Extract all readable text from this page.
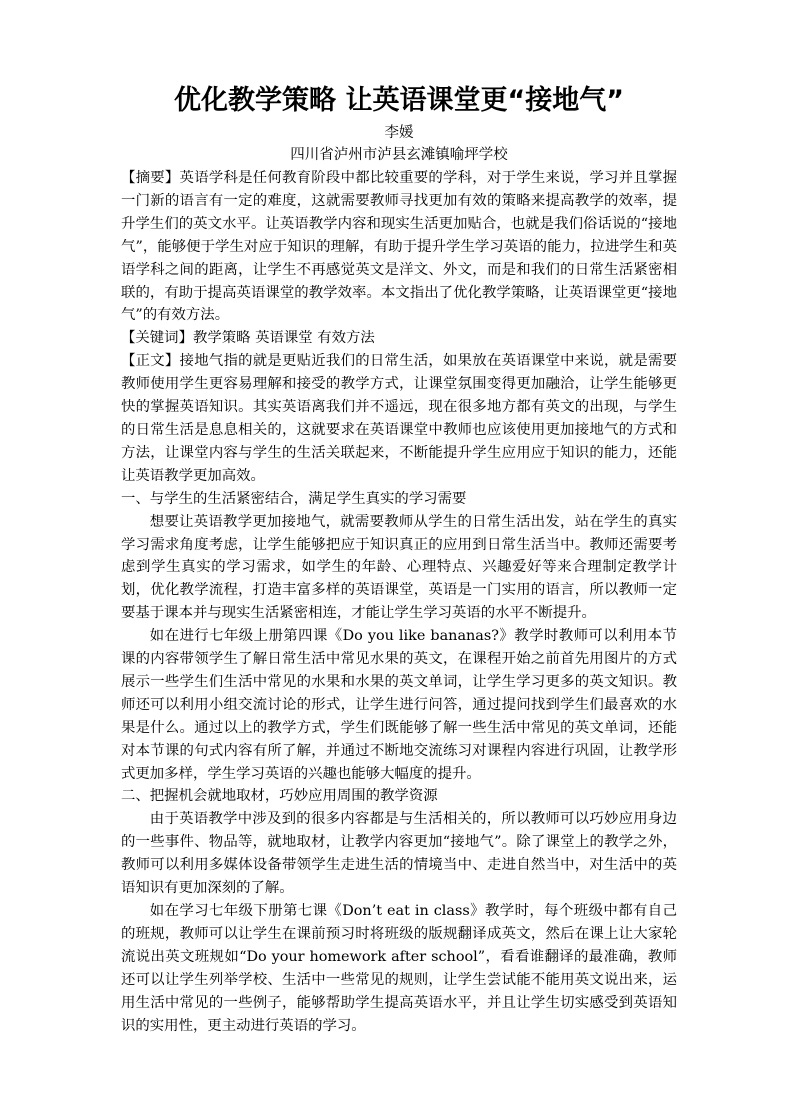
优化教学策略 让英语课堂更“接地气”

李媛

四川省泸州市泸县玄滩镇喻坪学校

【摘要】英语学科是任何教育阶段中都比较重要的学科，对于学生来说，学习并且掌握一门新的语言有一定的难度，这就需要教师寻找更加有效的策略来提高教学的效率，提升学生们的英文水平。让英语教学内容和现实生活更加贴合，也就是我们俗话说的“接地气”，能够便于学生对应于知识的理解，有助于提升学生学习英语的能力，拉进学生和英语学科之间的距离，让学生不再感觉英文是洋文、外文，而是和我们的日常生活紧密相联的，有助于提高英语课堂的教学效率。本文指出了优化教学策略，让英语课堂更“接地气”的有效方法。

【关键词】教学策略 英语课堂 有效方法

【正文】接地气指的就是更贴近我们的日常生活，如果放在英语课堂中来说，就是需要教师使用学生更容易理解和接受的教学方式，让课堂氛围变得更加融洽，让学生能够更快的掌握英语知识。其实英语离我们并不遥远，现在很多地方都有英文的出现，与学生的日常生活是息息相关的，这就要求在英语课堂中教师也应该使用更加接地气的方式和方法，让课堂内容与学生的生活关联起来，不断能提升学生应用应于知识的能力，还能让英语教学更加高效。

一、与学生的生活紧密结合，满足学生真实的学习需要

想要让英语教学更加接地气，就需要教师从学生的日常生活出发，站在学生的真实学习需求角度考虑，让学生能够把应于知识真正的应用到日常生活当中。教师还需要考虑到学生真实的学习需求，如学生的年龄、心理特点、兴趣爱好等来合理制定教学计划，优化教学流程，打造丰富多样的英语课堂，英语是一门实用的语言，所以教师一定要基于课本并与现实生活紧密相连，才能让学生学习英语的水平不断提升。

如在进行七年级上册第四课《Do you like bananas?》教学时教师可以利用本节课的内容带领学生了解日常生活中常见水果的英文，在课程开始之前首先用图片的方式展示一些学生们生活中常见的水果和水果的英文单词，让学生学习更多的英文知识。教师还可以利用小组交流讨论的形式，让学生进行问答，通过提问找到学生们最喜欢的水果是什么。通过以上的教学方式，学生们既能够了解一些生活中常见的英文单词，还能对本节课的句式内容有所了解，并通过不断地交流练习对课程内容进行巩固，让教学形式更加多样，学生学习英语的兴趣也能够大幅度的提升。

二、把握机会就地取材，巧妙应用周围的教学资源

由于英语教学中涉及到的很多内容都是与生活相关的，所以教师可以巧妙应用身边的一些事件、物品等，就地取材，让教学内容更加“接地气”。除了课堂上的教学之外，教师可以利用多媒体设备带领学生走进生活的情境当中、走进自然当中，对生活中的英语知识有更加深刻的了解。

如在学习七年级下册第七课《Don’t eat in class》教学时，每个班级中都有自己的班规，教师可以让学生在课前预习时将班级的版规翻译成英文，然后在课上让大家轮流说出英文班规如“Do your homework after school”，看看谁翻译的最准确，教师还可以让学生列举学校、生活中一些常见的规则，让学生尝试能不能用英文说出来，运用生活中常见的一些例子，能够帮助学生提高英语水平，并且让学生切实感受到英语知识的实用性，更主动进行英语的学习。
